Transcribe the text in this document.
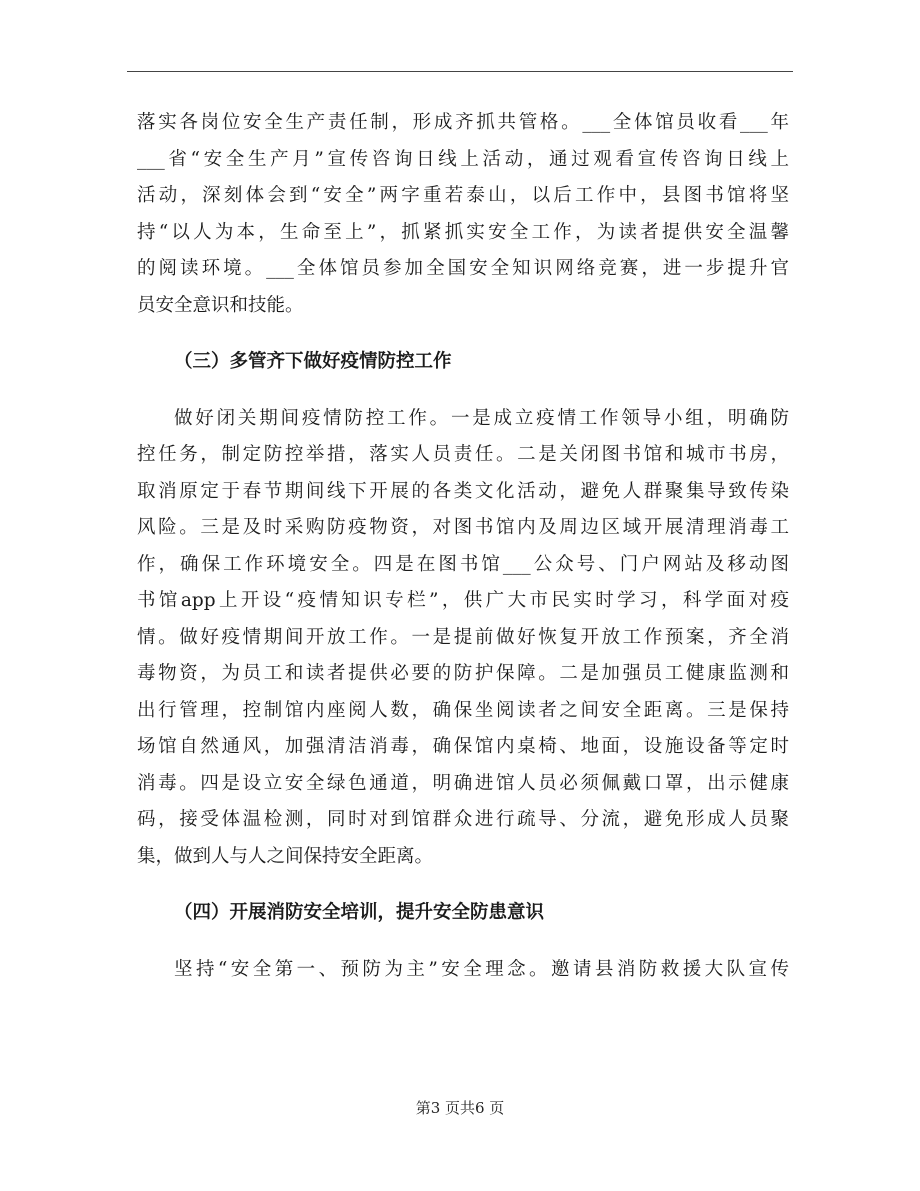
落实各岗位安全生产责任制，形成齐抓共管格。___全体馆员收看___年
___省“安全生产月”宣传咨询日线上活动，通过观看宣传咨询日线上
活动，深刻体会到“安全”两字重若泰山，以后工作中，县图书馆将坚
持“以人为本，生命至上”，抓紧抓实安全工作，为读者提供安全温馨
的阅读环境。___全体馆员参加全国安全知识网络竞赛，进一步提升官
员安全意识和技能。
（三）多管齐下做好疫情防控工作
做好闭关期间疫情防控工作。一是成立疫情工作领导小组，明确防
控任务，制定防控举措，落实人员责任。二是关闭图书馆和城市书房，
取消原定于春节期间线下开展的各类文化活动，避免人群聚集导致传染
风险。三是及时采购防疫物资，对图书馆内及周边区域开展清理消毒工
作，确保工作环境安全。四是在图书馆___公众号、门户网站及移动图
书馆app上开设“疫情知识专栏”，供广大市民实时学习，科学面对疫
情。做好疫情期间开放工作。一是提前做好恢复开放工作预案，齐全消
毒物资，为员工和读者提供必要的防护保障。二是加强员工健康监测和
出行管理，控制馆内座阅人数，确保坐阅读者之间安全距离。三是保持
场馆自然通风，加强清洁消毒，确保馆内桌椅、地面，设施设备等定时
消毒。四是设立安全绿色通道，明确进馆人员必须佩戴口罩，出示健康
码，接受体温检测，同时对到馆群众进行疏导、分流，避免形成人员聚
集，做到人与人之间保持安全距离。
（四）开展消防安全培训，提升安全防患意识
坚持“安全第一、预防为主”安全理念。邀请县消防救援大队宣传
第3 页共6 页
